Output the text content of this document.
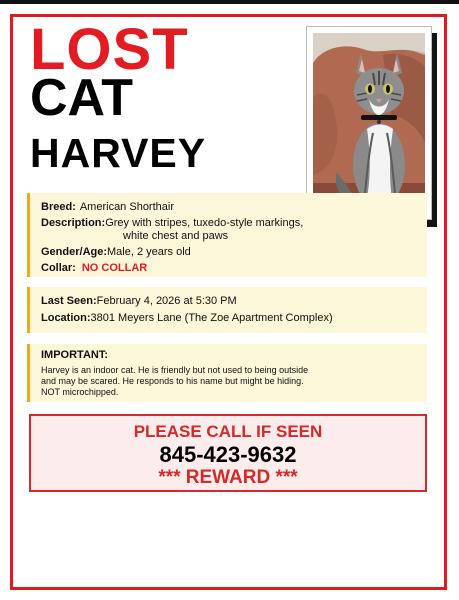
LOST
CAT
HARVEY
Breed: American Shorthair
Description: Grey with stripes, tuxedo-style markings,
white chest and paws
Gender/Age: Male, 2 years old
Collar: NO COLLAR
Last Seen: February 4, 2026 at 5:30 PM
Location: 3801 Meyers Lane (The Zoe Apartment Complex)
IMPORTANT:
Harvey is an indoor cat. He is friendly but not used to being outside
and may be scared. He responds to his name but might be hiding.
NOT microchipped.
PLEASE CALL IF SEEN
845-423-9632
*** REWARD ***
